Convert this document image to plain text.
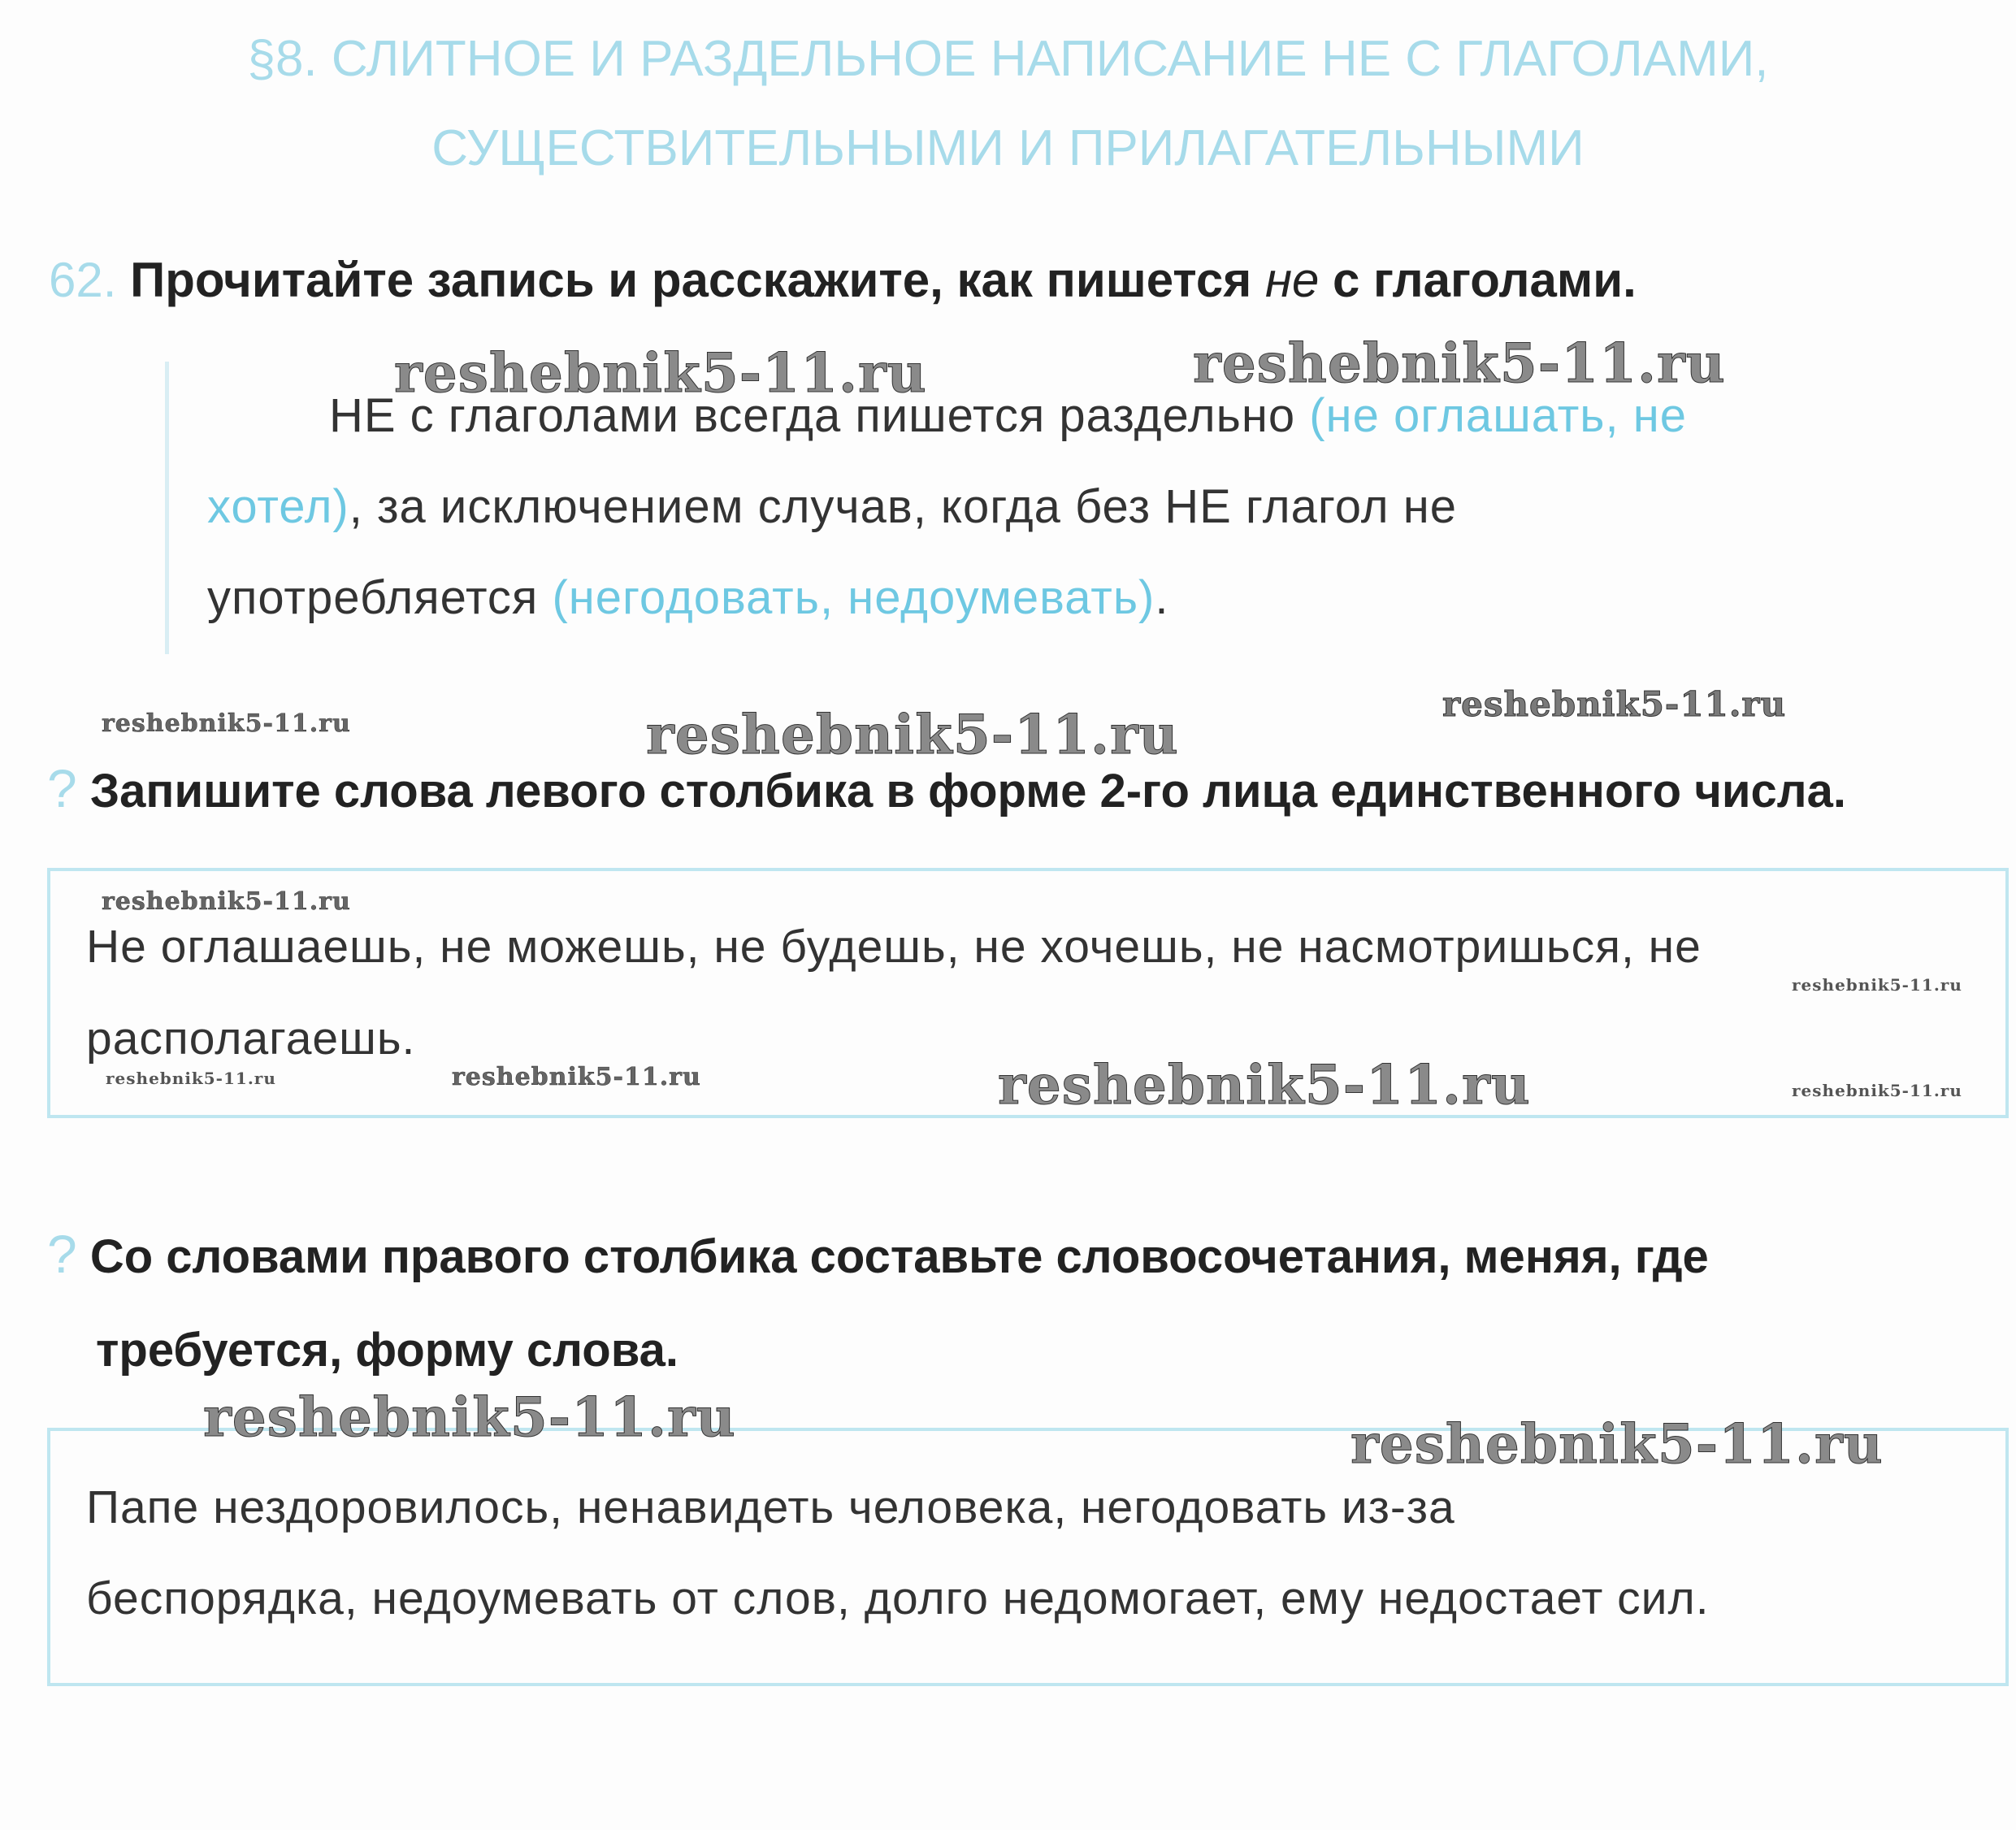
§8. СЛИТНОЕ И РАЗДЕЛЬНОЕ НАПИСАНИЕ НЕ С ГЛАГОЛАМИ,
СУЩЕСТВИТЕЛЬНЫМИ И ПРИЛАГАТЕЛЬНЫМИ
62. Прочитайте запись и расскажите, как пишется не с глаголами.
НЕ с глаголами всегда пишется раздельно (не оглашать, не
хотел), за исключением случав, когда без НЕ глагол не
употребляется (негодовать, недоумевать).
? Запишите слова левого столбика в форме 2-го лица единственного числа.
Не оглашаешь, не можешь, не будешь, не хочешь, не насмотришься, не
располагаешь.
? Со словами правого столбика составьте словосочетания, меняя, где
требуется, форму слова.
Папе нездоровилось, ненавидеть человека, негодовать из-за
беспорядка, недоумевать от слов, долго недомогает, ему недостает сил.
reshebnik5-11.ru	reshebnik5-11.ru
reshebnik5-11.ru	reshebnik5-11.ru	reshebnik5-11.ru
reshebnik5-11.ru
reshebnik5-11.ru
reshebnik5-11.ru	reshebnik5-11.ru	reshebnik5-11.ru	reshebnik5-11.ru
reshebnik5-11.ru	reshebnik5-11.ru
